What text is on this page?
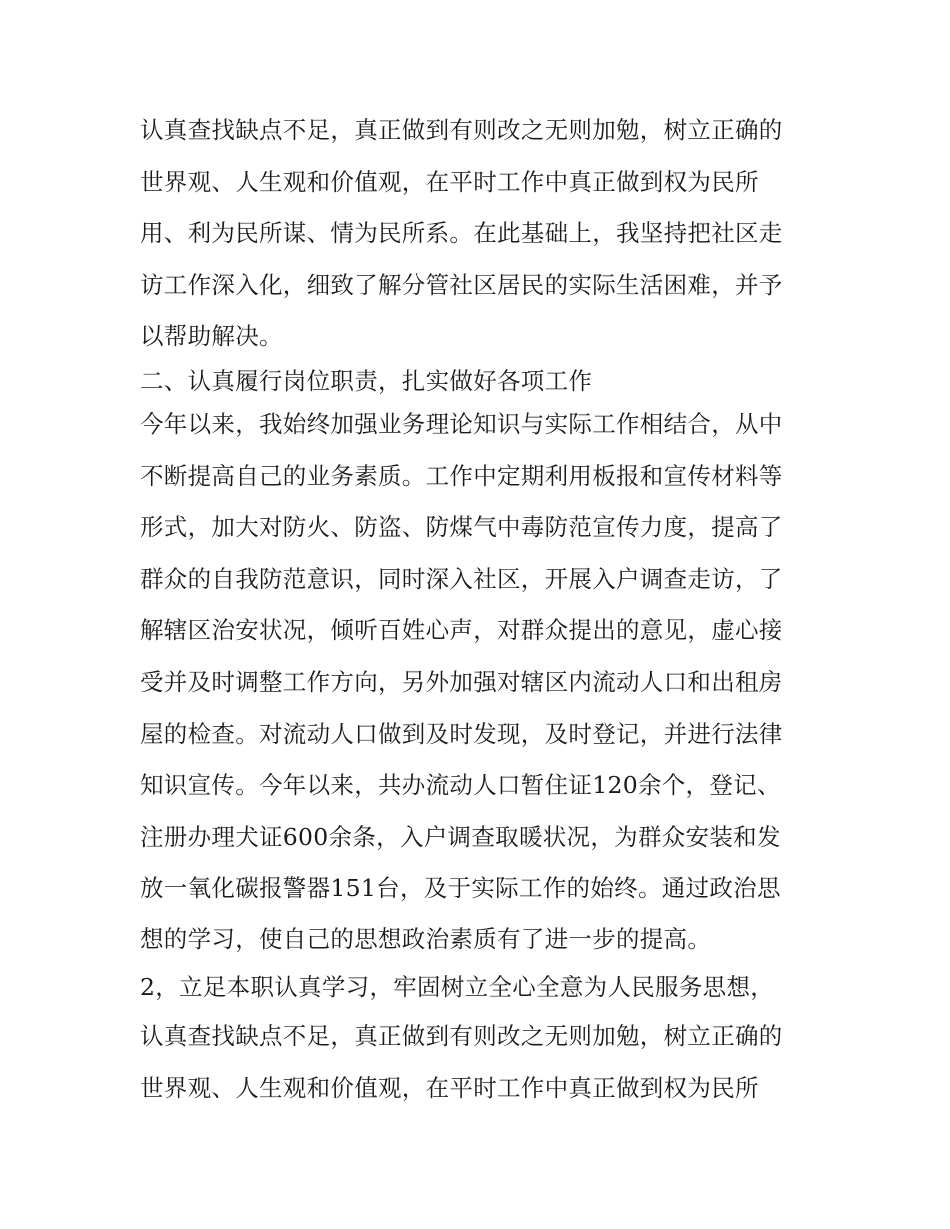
认真查找缺点不足，真正做到有则改之无则加勉，树立正确的
世界观、人生观和价值观，在平时工作中真正做到权为民所
用、利为民所谋、情为民所系。在此基础上，我坚持把社区走
访工作深入化，细致了解分管社区居民的实际生活困难，并予
以帮助解决。
二、认真履行岗位职责，扎实做好各项工作
今年以来，我始终加强业务理论知识与实际工作相结合，从中
不断提高自己的业务素质。工作中定期利用板报和宣传材料等
形式，加大对防火、防盗、防煤气中毒防范宣传力度，提高了
群众的自我防范意识，同时深入社区，开展入户调查走访，了
解辖区治安状况，倾听百姓心声，对群众提出的意见，虚心接
受并及时调整工作方向，另外加强对辖区内流动人口和出租房
屋的检查。对流动人口做到及时发现，及时登记，并进行法律
知识宣传。今年以来，共办流动人口暂住证120余个，登记、
注册办理犬证600余条，入户调查取暖状况，为群众安装和发
放一氧化碳报警器151台，及于实际工作的始终。通过政治思
想的学习，使自己的思想政治素质有了进一步的提高。
2，立足本职认真学习，牢固树立全心全意为人民服务思想，
认真查找缺点不足，真正做到有则改之无则加勉，树立正确的
世界观、人生观和价值观，在平时工作中真正做到权为民所
